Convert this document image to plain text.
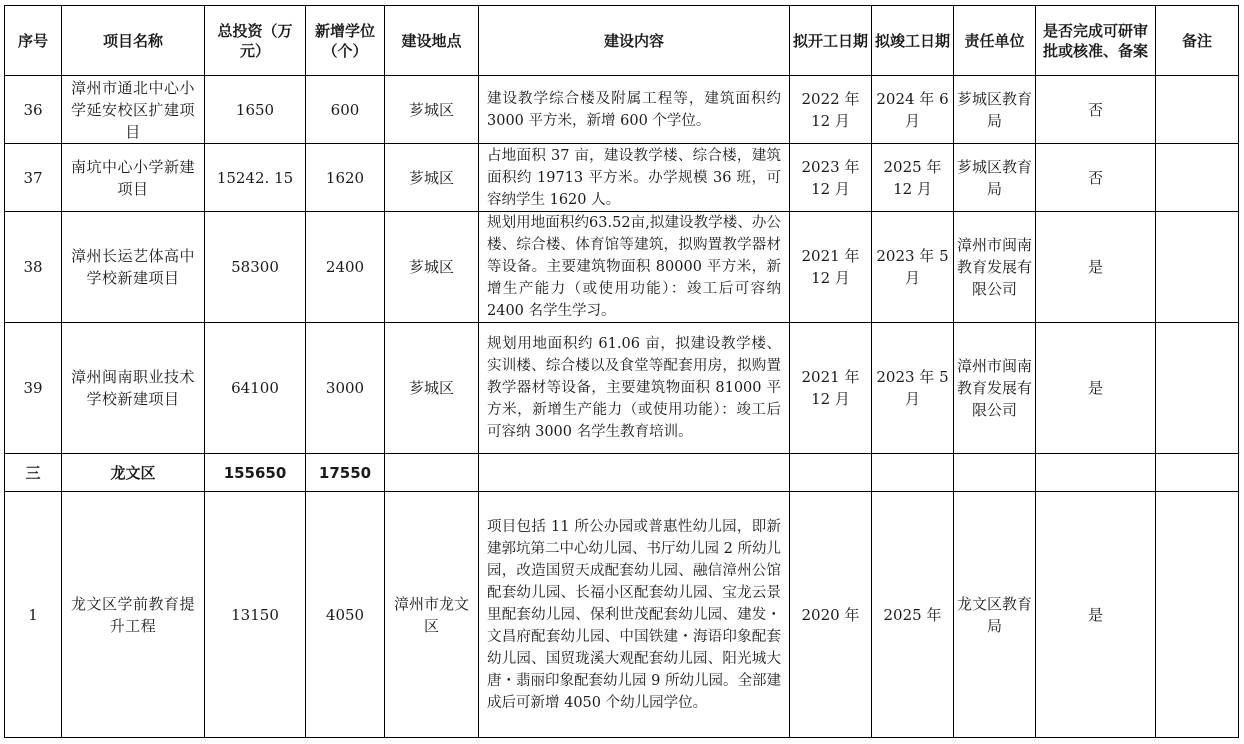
序号	项目名称	总投资（万元）	新增学位（个）	建设地点	建设内容	拟开工日期	拟竣工日期	责任单位	是否完成可研审批或核准、备案	备注
36	漳州市通北中心小学延安校区扩建项目	1650	600	芗城区	建设教学综合楼及附属工程等，建筑面积约 3000 平方米，新增 600 个学位。	2022 年 12 月	2024 年 6 月	芗城区教育局	否	
37	南坑中心小学新建项目	15242. 15	1620	芗城区	占地面积 37 亩，建设教学楼、综合楼，建筑面积约 19713 平方米。办学规模 36 班，可容纳学生 1620 人。	2023 年 12 月	2025 年 12 月	芗城区教育局	否	
38	漳州长运艺体高中学校新建项目	58300	2400	芗城区	规划用地面积约63.52亩,拟建设教学楼、办公楼、综合楼、体育馆等建筑，拟购置教学器材等设备。主要建筑物面积 80000 平方米，新增生产能力（或使用功能）：竣工后可容纳2400 名学生学习。	2021 年 12 月	2023 年 5 月	漳州市闽南教育发展有限公司	是	
39	漳州闽南职业技术学校新建项目	64100	3000	芗城区	规划用地面积约 61.06 亩，拟建设教学楼、实训楼、综合楼以及食堂等配套用房，拟购置教学器材等设备，主要建筑物面积 81000 平方米，新增生产能力（或使用功能）：竣工后可容纳 3000 名学生教育培训。	2021 年 12 月	2023 年 5 月	漳州市闽南教育发展有限公司	是	
三	龙文区	155650	17550							
1	龙文区学前教育提升工程	13150	4050	漳州市龙文区	项目包括 11 所公办园或普惠性幼儿园，即新建郭坑第二中心幼儿园、书厅幼儿园 2 所幼儿园，改造国贸天成配套幼儿园、融信漳州公馆配套幼儿园、长福小区配套幼儿园、宝龙云景里配套幼儿园、保利世茂配套幼儿园、建发・文昌府配套幼儿园、中国铁建・海语印象配套幼儿园、国贸珑溪大观配套幼儿园、阳光城大唐・翡丽印象配套幼儿园 9 所幼儿园。全部建成后可新增 4050 个幼儿园学位。	2020 年	2025 年	龙文区教育局	是	
